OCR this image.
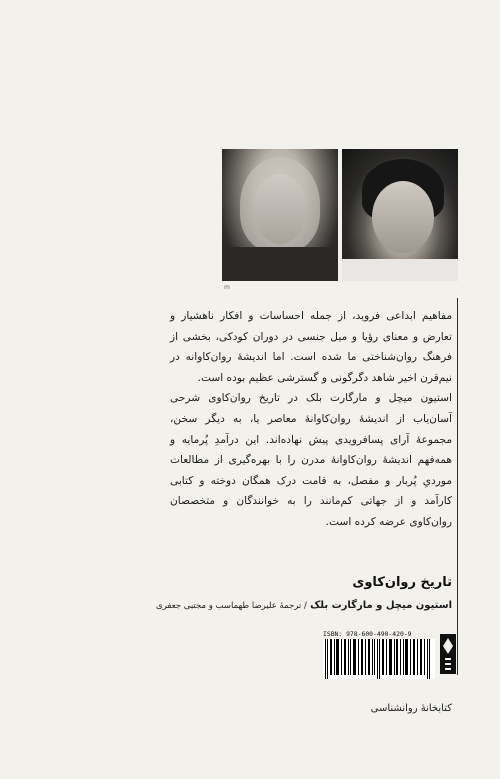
m

مفاهیم ابداعی فروید، از جمله احساسات و افکار ناهشیار و تعارض و معنای رؤیا و میل جنسی در دوران کودکی، بخشی از فرهنگ روان‌شناختی ما شده است. اما اندیشهٔ روان‌کاوانه در نیم‌قرن اخیر شاهد دگرگونی و گسترشی عظیم بوده است.

استیون میچل و مارگارت بلک در تاریخ روان‌کاوی شرحی آسان‌یاب از اندیشهٔ روان‌کاوانهٔ معاصر یا، به دیگر سخن، مجموعهٔ آرای پسافرویدی پیش نهاده‌اند. این درآمدِ پُرمایه و همه‌فهم اندیشهٔ روان‌کاوانهٔ مدرن را با بهره‌گیری از مطالعات موردیِ پُربار و مفصل، به قامت درک همگان دوخته و کتابی کارآمد و از جهاتی کم‌مانند را به خوانندگان و متخصصان روان‌کاوی عرضه کرده است.

تاریخ روان‌کاوی
استیون میچل و مارگارت بلک / ترجمهٔ علیرضا طهماسب و مجتبی جعفری
ISBN: 978-600-490-420-9
کتابخانهٔ روانشناسی
